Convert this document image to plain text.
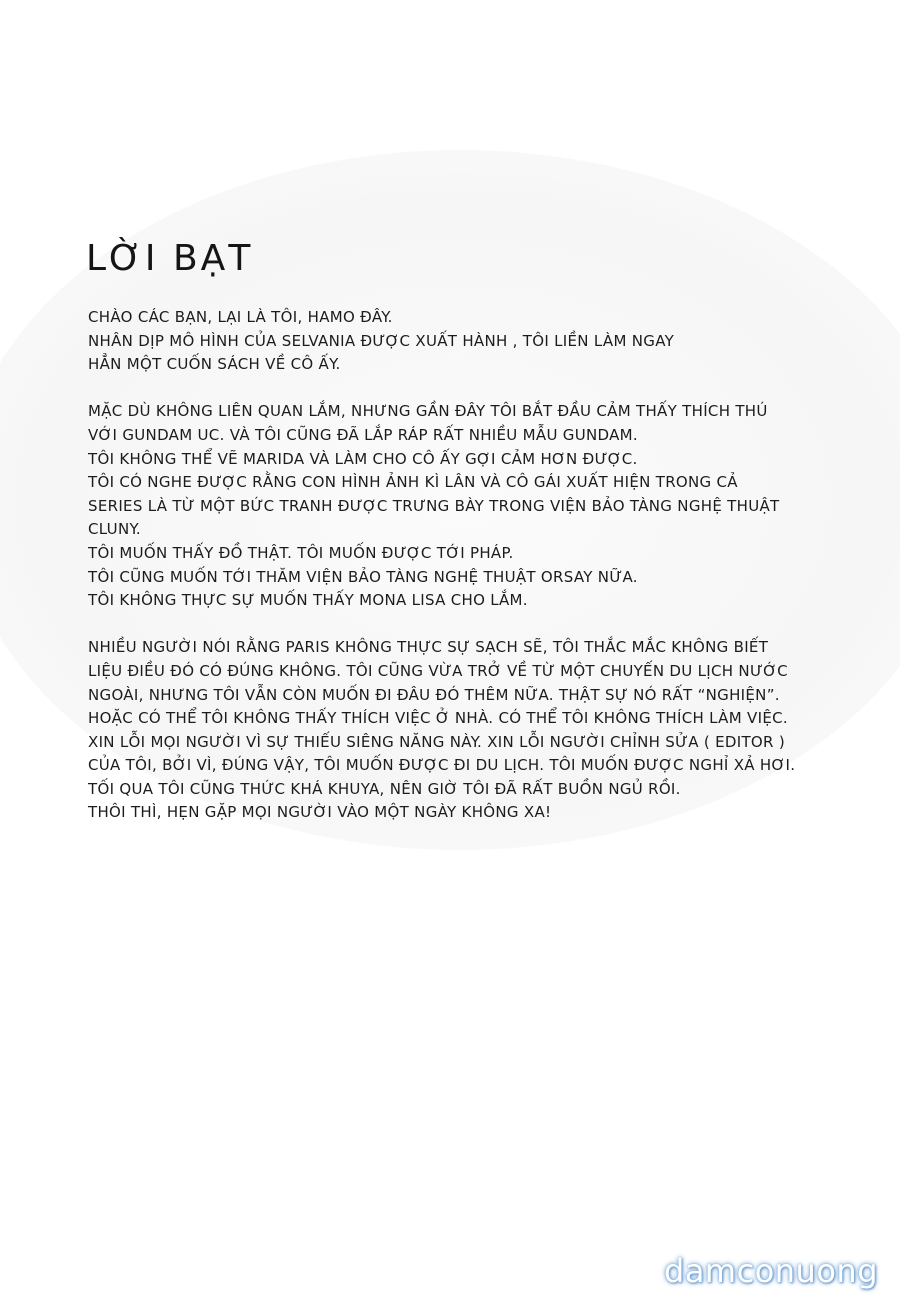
LỜI BẠT

CHÀO CÁC BẠN, LẠI LÀ TÔI, HAMO ĐÂY.
NHÂN DỊP MÔ HÌNH CỦA SELVANIA ĐƯỢC XUẤT HÀNH , TÔI LIỀN LÀM NGAY
HẲN MỘT CUỐN SÁCH VỀ CÔ ẤY.

MẶC DÙ KHÔNG LIÊN QUAN LẮM, NHƯNG GẦN ĐÂY TÔI BẮT ĐẦU CẢM THẤY THÍCH THÚ
VỚI GUNDAM UC. VÀ TÔI CŨNG ĐÃ LẮP RÁP RẤT NHIỀU MẪU GUNDAM.
TÔI KHÔNG THỂ VẼ MARIDA VÀ LÀM CHO CÔ ẤY GỢI CẢM HƠN ĐƯỢC.
TÔI CÓ NGHE ĐƯỢC RẰNG CON HÌNH ẢNH KÌ LÂN VÀ CÔ GÁI XUẤT HIỆN TRONG CẢ
SERIES LÀ TỪ MỘT BỨC TRANH ĐƯỢC TRƯNG BÀY TRONG VIỆN BẢO TÀNG NGHỆ THUẬT
CLUNY.
TÔI MUỐN THẤY ĐỒ THẬT. TÔI MUỐN ĐƯỢC TỚI PHÁP.
TÔI CŨNG MUỐN TỚI THĂM VIỆN BẢO TÀNG NGHỆ THUẬT ORSAY NỮA.
TÔI KHÔNG THỰC SỰ MUỐN THẤY MONA LISA CHO LẮM.

NHIỀU NGƯỜI NÓI RẰNG PARIS KHÔNG THỰC SỰ SẠCH SẼ, TÔI THẮC MẮC KHÔNG BIẾT
LIỆU ĐIỀU ĐÓ CÓ ĐÚNG KHÔNG. TÔI CŨNG VỪA TRỞ VỀ TỪ MỘT CHUYẾN DU LỊCH NƯỚC
NGOÀI, NHƯNG TÔI VẪN CÒN MUỐN ĐI ĐÂU ĐÓ THÊM NỮA. THẬT SỰ NÓ RẤT “NGHIỆN”.
HOẶC CÓ THỂ TÔI KHÔNG THẤY THÍCH VIỆC Ở NHÀ. CÓ THỂ TÔI KHÔNG THÍCH LÀM VIỆC.
XIN LỖI MỌI NGƯỜI VÌ SỰ THIẾU SIÊNG NĂNG NÀY. XIN LỖI NGƯỜI CHỈNH SỬA ( EDITOR )
CỦA TÔI, BỞI VÌ, ĐÚNG VẬY, TÔI MUỐN ĐƯỢC ĐI DU LỊCH. TÔI MUỐN ĐƯỢC NGHỈ XẢ HƠI.
TỐI QUA TÔI CŨNG THỨC KHÁ KHUYA, NÊN GIỜ TÔI ĐÃ RẤT BUỒN NGỦ RỒI.
THÔI THÌ, HẸN GẶP MỌI NGƯỜI VÀO MỘT NGÀY KHÔNG XA!

damconuong
